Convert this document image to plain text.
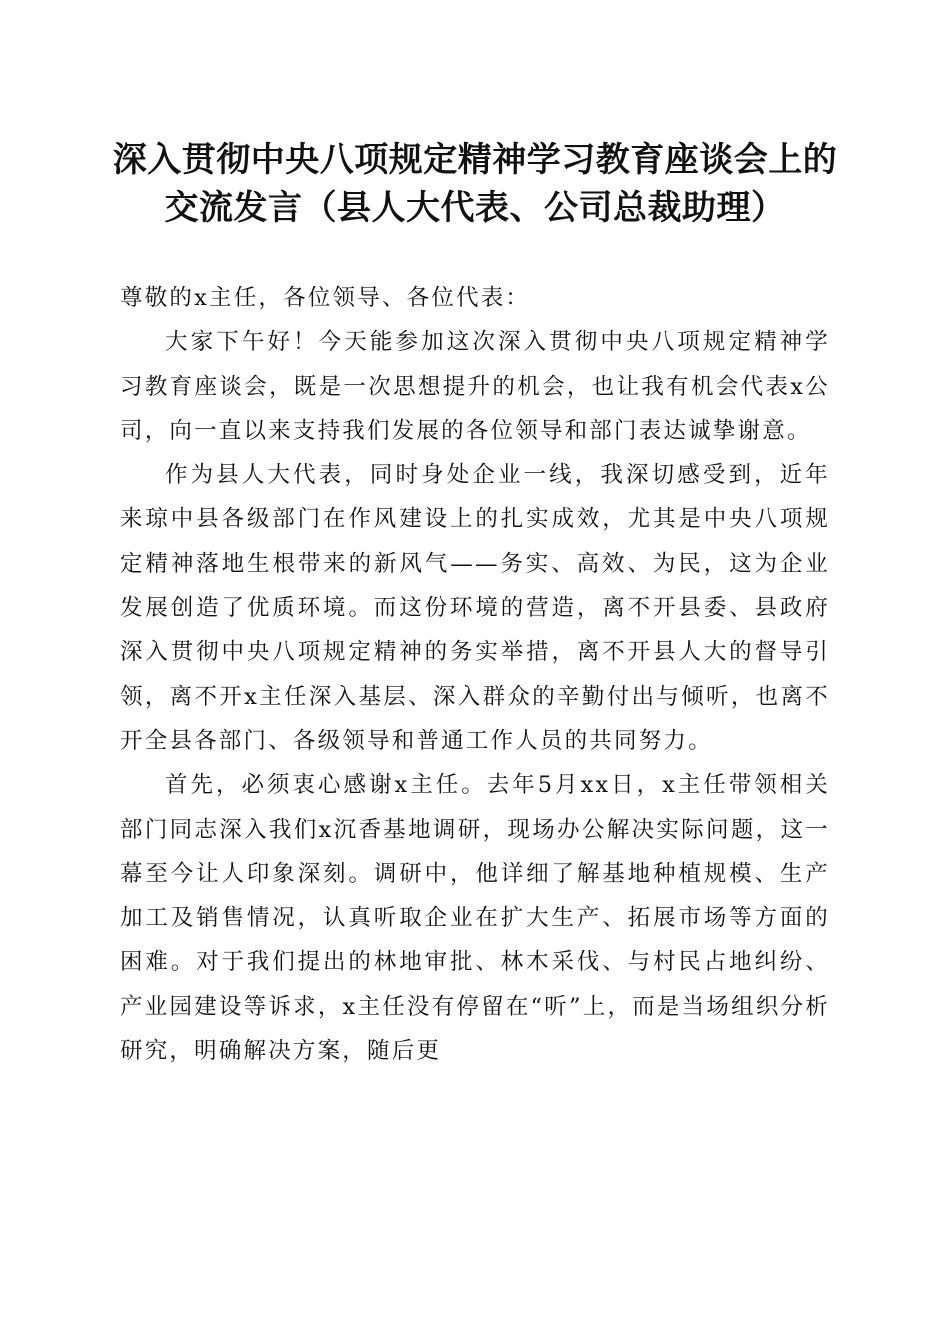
深入贯彻中央八项规定精神学习教育座谈会上的交流发言（县人大代表、公司总裁助理）

尊敬的x主任，各位领导、各位代表：

大家下午好！今天能参加这次深入贯彻中央八项规定精神学习教育座谈会，既是一次思想提升的机会，也让我有机会代表x公司，向一直以来支持我们发展的各位领导和部门表达诚挚谢意。

作为县人大代表，同时身处企业一线，我深切感受到，近年来琼中县各级部门在作风建设上的扎实成效，尤其是中央八项规定精神落地生根带来的新风气——务实、高效、为民，这为企业发展创造了优质环境。而这份环境的营造，离不开县委、县政府深入贯彻中央八项规定精神的务实举措，离不开县人大的督导引领，离不开x主任深入基层、深入群众的辛勤付出与倾听，也离不开全县各部门、各级领导和普通工作人员的共同努力。

首先，必须衷心感谢x主任。去年5月xx日，x主任带领相关部门同志深入我们x沉香基地调研，现场办公解决实际问题，这一幕至今让人印象深刻。调研中，他详细了解基地种植规模、生产加工及销售情况，认真听取企业在扩大生产、拓展市场等方面的困难。对于我们提出的林地审批、林木采伐、与村民占地纠纷、产业园建设等诉求，x主任没有停留在“听”上，而是当场组织分析研究，明确解决方案，随后更
